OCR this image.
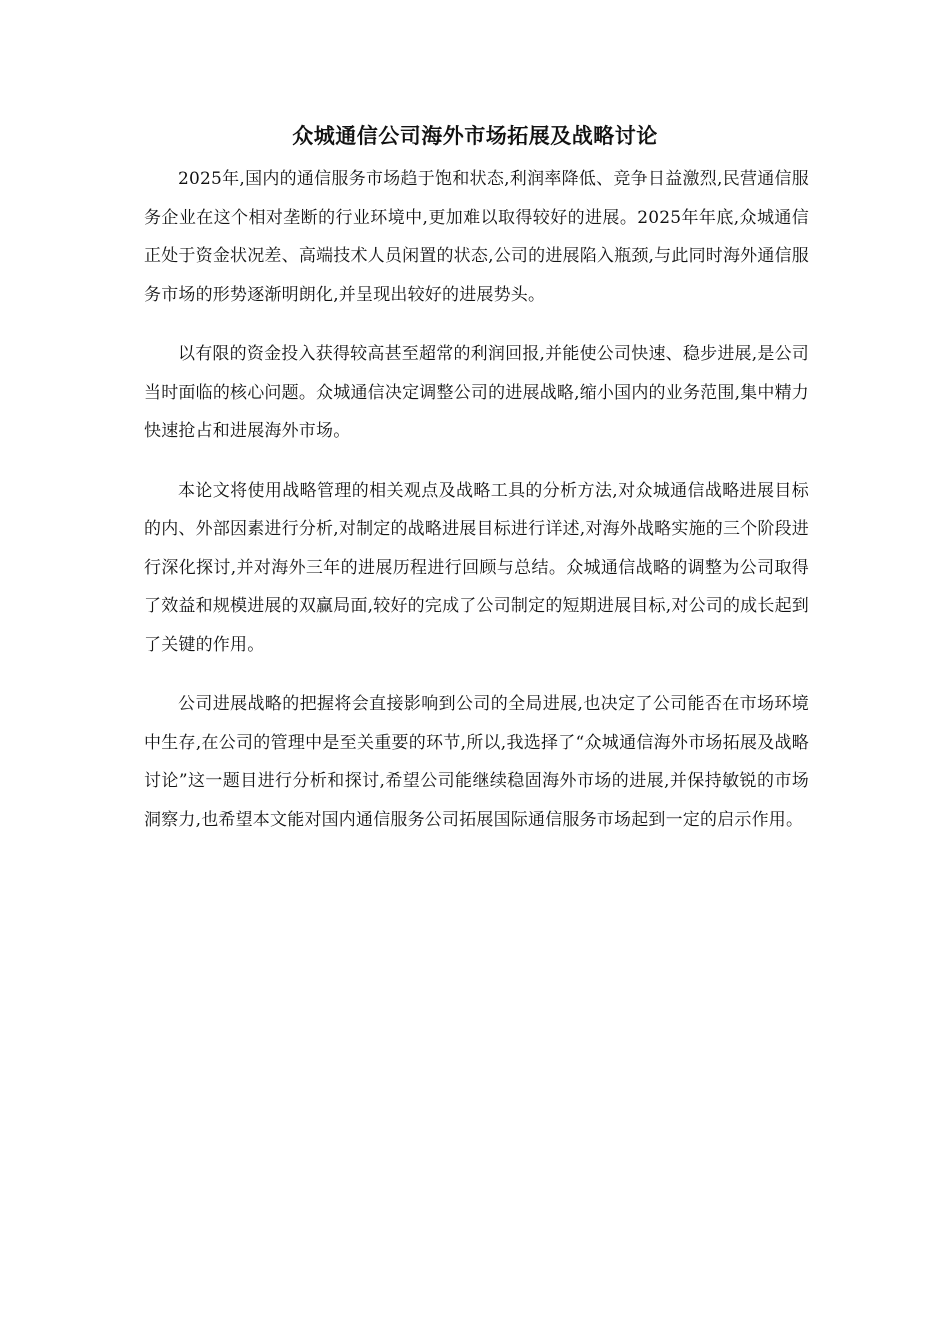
众城通信公司海外市场拓展及战略讨论

2025年,国内的通信服务市场趋于饱和状态,利润率降低、竞争日益激烈,民营通信服务企业在这个相对垄断的行业环境中,更加难以取得较好的进展。2025年年底,众城通信正处于资金状况差、高端技术人员闲置的状态,公司的进展陷入瓶颈,与此同时海外通信服务市场的形势逐渐明朗化,并呈现出较好的进展势头。

以有限的资金投入获得较高甚至超常的利润回报,并能使公司快速、稳步进展,是公司当时面临的核心问题。众城通信决定调整公司的进展战略,缩小国内的业务范围,集中精力快速抢占和进展海外市场。

本论文将使用战略管理的相关观点及战略工具的分析方法,对众城通信战略进展目标的内、外部因素进行分析,对制定的战略进展目标进行详述,对海外战略实施的三个阶段进行深化探讨,并对海外三年的进展历程进行回顾与总结。众城通信战略的调整为公司取得了效益和规模进展的双赢局面,较好的完成了公司制定的短期进展目标,对公司的成长起到了关键的作用。

公司进展战略的把握将会直接影响到公司的全局进展,也决定了公司能否在市场环境中生存,在公司的管理中是至关重要的环节,所以,我选择了“众城通信海外市场拓展及战略讨论”这一题目进行分析和探讨,希望公司能继续稳固海外市场的进展,并保持敏锐的市场洞察力,也希望本文能对国内通信服务公司拓展国际通信服务市场起到一定的启示作用。
